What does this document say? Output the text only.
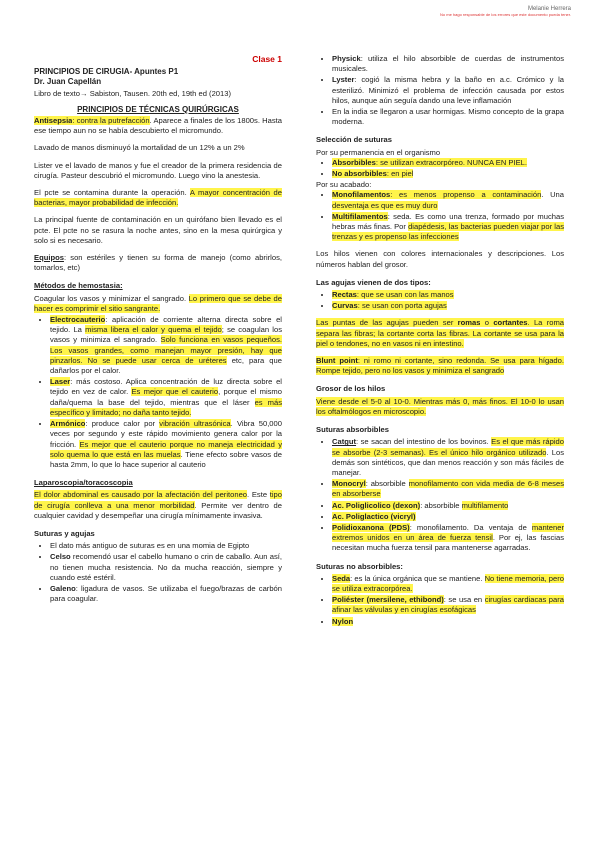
Melanie Herrera
No me hago responsable de los errores que este documento pueda tener.
Clase 1

PRINCIPIOS DE CIRUGIA- Apuntes P1

Dr. Juan Capellán

Libro de texto→ Sabiston, Tausen. 20th ed, 19th ed (2013)

PRINCIPIOS DE TÉCNICAS QUIRÚRGICAS

Antisepsia: contra la putrefacción. Aparece a finales de los 1800s. Hasta ese tiempo aun no se había descubierto el micromundo.

Lavado de manos disminuyó la mortalidad de un 12% a un 2%

Lister ve el lavado de manos y fue el creador de la primera residencia de cirugía. Pasteur descubrió el micromundo. Luego vino la anestesia.

El pcte se contamina durante la operación. A mayor concentración de bacterias, mayor probabilidad de infección.

La principal fuente de contaminación en un quirófano bien llevado es el pcte. El pcte no se rasura la noche antes, sino en la mesa quirúrgica y solo si es necesario.

Equipos: son estériles y tienen su forma de manejo (como abrirlos, tomarlos, etc)

Métodos de hemostasia:

Coagular los vasos y minimizar el sangrado. Lo primero que se debe de hacer es comprimir el sitio sangrante.

• Electrocauterio: aplicación de corriente alterna directa sobre el tejido. La misma libera el calor y quema el tejido; se coagulan los vasos y minimiza el sangrado. Solo funciona en vasos pequeños. Los vasos grandes, como manejan mayor presión, hay que pinzarlos. No se puede usar cerca de uréteres etc, para que dañarlos por el calor.
• Laser: más costoso. Aplica concentración de luz directa sobre el tejido en vez de calor. Es mejor que el cauterio, porque el mismo daña/quema la base del tejido, mientras que el láser es más específico y limitado; no daña tanto tejido.
• Armónico: produce calor por vibración ultrasónica. Vibra 50,000 veces por segundo y este rápido movimiento genera calor por la fricción. Es mejor que el cauterio porque no maneja electricidad y solo quema lo que está en las muelas. Tiene efecto sobre vasos de hasta 2mm, lo que lo hace superior al cauterio
Laparoscopia/toracoscopia

El dolor abdominal es causado por la afectación del peritoneo. Este tipo de cirugía conlleva a una menor morbilidad. Permite ver dentro de cualquier cavidad y desempeñar una cirugía mínimamente invasiva.

Suturas y agujas
• El dato más antiguo de suturas es en una momia de Egipto
• Celso recomendó usar el cabello humano o crin de caballo. Aun así, no tienen mucha resistencia. No da mucha reacción, siempre y cuando esté estéril.
• Galeno: ligadura de vasos. Se utilizaba el fuego/brazas de carbón para coagular.
• Physick: utiliza el hilo absorbible de cuerdas de instrumentos musicales.
• Lyster: cogió la misma hebra y la baño en a.c. Crómico y la esterilizó. Minimizó el problema de infección causada por estos hilos, aunque aún seguía dando una leve inflamación
• En la india se llegaron a usar hormigas. Mismo concepto de la grapa moderna.
Selección de suturas
Por su permanencia en el organismo
• Absorbibles: se utilizan extracorpóreo. NUNCA EN PIEL.
• No absorbibles: en piel
Por su acabado:
• Monofilamentos: es menos propenso a contaminación. Una desventaja es que es muy duro
• Multifilamentos: seda. Es como una trenza, formado por muchas hebras más finas. Por diapédesis, las bacterias pueden viajar por las trenzas y es propenso las infecciones

Los hilos vienen con colores internacionales y descripciones. Los números hablan del grosor.

Las agujas vienen de dos tipos:
• Rectas: que se usan con las manos
• Curvas: se usan con porta agujas

Las puntas de las agujas pueden ser romas o cortantes. La roma separa las fibras; la cortante corta las fibras. La cortante se usa para la piel o tendones, no en vasos ni en intestino.

Blunt point: ni romo ni cortante, sino redonda. Se usa para hígado. Rompe tejido, pero no los vasos y minimiza el sangrado

Grosor de los hilos

Viene desde el 5-0 al 10-0. Mientras más 0, más finos. El 10-0 lo usan los oftalmólogos en microscopio.

Suturas absorbibles
• Catgut: se sacan del intestino de los bovinos. Es el que más rápido se absorbe (2-3 semanas). Es el único hilo orgánico utilizado. Los demás son sintéticos, que dan menos reacción y son más fáciles de manejar.
• Monocryl: absorbible monofilamento con vida media de 6-8 meses en absorberse
• Ac. Poliglicolico (dexon): absorbible multifilamento
• Ac. Poliglactico (vicryl)
• Polidioxanona (PDS): monofilamento. Da ventaja de mantener extremos unidos en un área de fuerza tensil. Por ej, las fascias necesitan mucha fuerza tensil para mantenerse agarradas.
Suturas no absorbibles:
• Seda: es la única orgánica que se mantiene. No tiene memoria, pero se utiliza extracorpórea.
• Poliéster (mersilene, ethibond): se usa en cirugías cardiacas para afinar las válvulas y en cirugías esofágicas
• Nylon
